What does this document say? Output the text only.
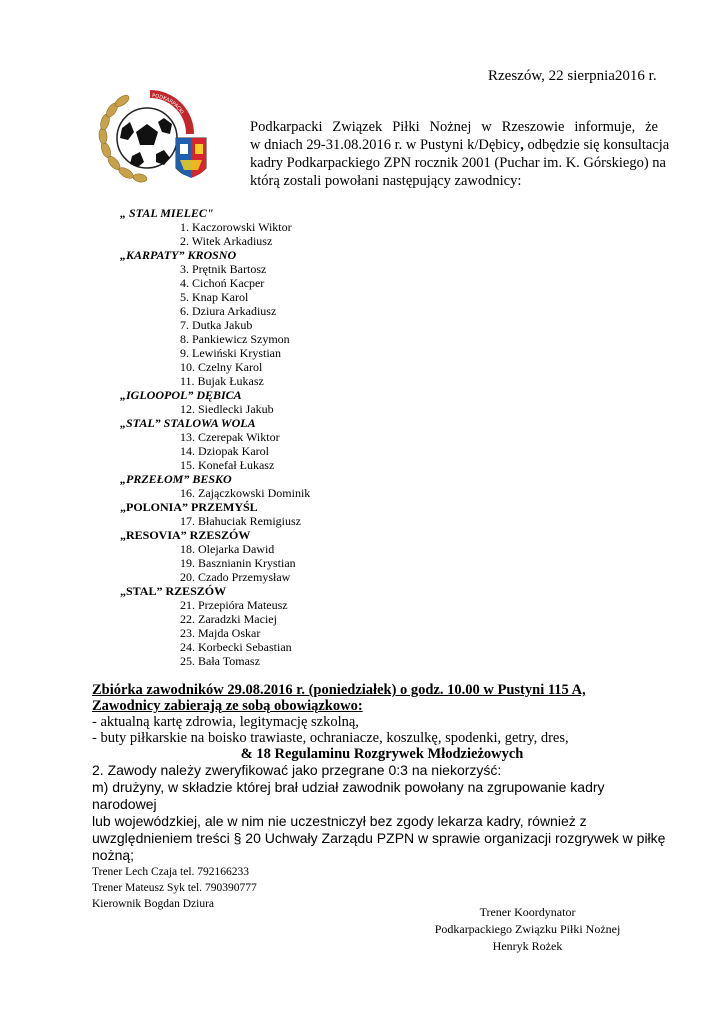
Rzeszów, 22 sierpnia2016 r.
PODKARPACKI
Podkarpacki Związek Piłki Nożnej w Rzeszowie informuje, że
w dniach 29-31.08.2016 r. w Pustyni k/Dębicy, odbędzie się konsultacja
kadry Podkarpackiego ZPN rocznik 2001 (Puchar im. K. Górskiego) na
którą zostali powołani następujący zawodnicy:
„ STAL MIELEC"
1. Kaczorowski Wiktor
2. Witek Arkadiusz
„KARPATY” KROSNO
3. Prętnik Bartosz
4. Cichoń Kacper
5. Knap Karol
6. Dziura Arkadiusz
7. Dutka Jakub
8. Pankiewicz Szymon
9. Lewiński Krystian
10. Czelny Karol
11. Bujak Łukasz
„IGLOOPOL” DĘBICA
12. Siedlecki Jakub
„STAL” STALOWA WOLA
13. Czerepak Wiktor
14. Dziopak Karol
15. Konefał Łukasz
„PRZEŁOM” BESKO
16. Zajączkowski Dominik
„POLONIA” PRZEMYŚL
17. Błahuciak Remigiusz
„RESOVIA” RZESZÓW
18. Olejarka Dawid
19. Basznianin Krystian
20. Czado Przemysław
„STAL” RZESZÓW
21. Przepióra Mateusz
22. Zaradzki Maciej
23. Majda Oskar
24. Korbecki Sebastian
25. Bała Tomasz
Zbiórka zawodników 29.08.2016 r. (poniedziałek) o godz. 10.00 w Pustyni 115 A,
Zawodnicy zabierają ze sobą obowiązkowo:
- aktualną kartę zdrowia, legitymację szkolną,
- buty piłkarskie na boisko trawiaste, ochraniacze, koszulkę, spodenki, getry, dres,
& 18 Regulaminu Rozgrywek Młodzieżowych
2. Zawody należy zweryfikować jako przegrane 0:3 na niekorzyść:
m) drużyny, w składzie której brał udział zawodnik powołany na zgrupowanie kadry narodowej
lub wojewódzkiej, ale w nim nie uczestniczył bez zgody lekarza kadry, również z
uwzględnieniem treści § 20 Uchwały Zarządu PZPN w sprawie organizacji rozgrywek w piłkę
nożną;
Trener Lech Czaja tel. 792166233
Trener Mateusz Syk tel. 790390777
Kierownik Bogdan Dziura
Trener Koordynator
Podkarpackiego Związku Piłki Nożnej
Henryk Rożek
